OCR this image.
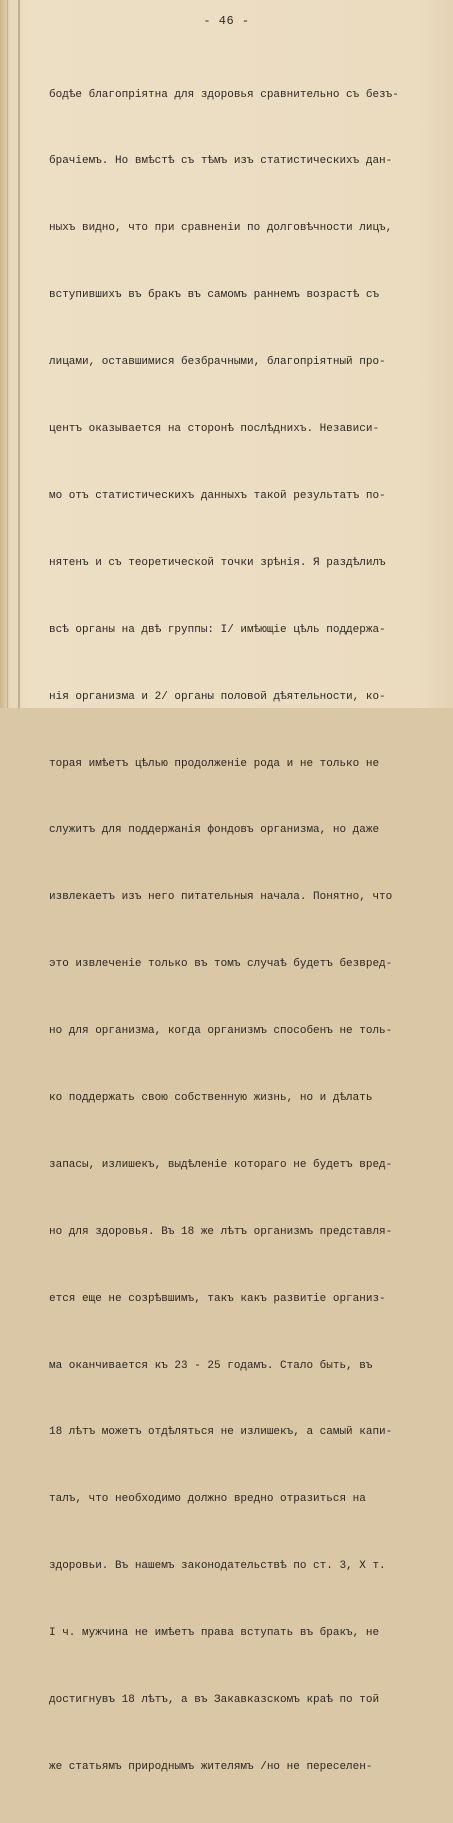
- 46 -

бодѣе благопріятна для здоровья сравнительно съ безъ-

брачіемъ. Но вмѣстѣ съ тѣмъ изъ статистическихъ дан-

ныхъ видно, что при сравненіи по долговѣчности лицъ,

вступившихъ въ бракъ въ самомъ раннемъ возрастѣ съ

лицами, оставшимися безбрачными, благопріятный про-

центъ оказывается на сторонѣ послѣднихъ. Независи-

мо отъ статистическихъ данныхъ такой результатъ по-

нятенъ и съ теоретической точки зрѣнія. Я раздѣлилъ

всѣ органы на двѣ группы: I/ имѣющіе цѣль поддержа-

нія организма и 2/ органы половой дѣятельности, ко-

торая имѣетъ цѣлью продолженіе рода и не только не

служитъ для поддержанія фондовъ организма, но даже

извлекаетъ изъ него питательныя начала. Понятно, что

это извлеченіе только въ томъ случаѣ будетъ безвред-

но для организма, когда организмъ способенъ не толь-

ко поддержать свою собственную жизнь, но и дѣлать

запасы, излишекъ, выдѣленіе котораго не будетъ вред-

но для здоровья. Въ 18 же лѣтъ организмъ представля-

ется еще не созрѣвшимъ, такъ какъ развитіе организ-

ма оканчивается къ 23 - 25 годамъ. Стало быть, въ

18 лѣтъ можетъ отдѣляться не излишекъ, а самый капи-

талъ, что необходимо должно вредно отразиться на

здоровьи. Въ нашемъ законодательствѣ по ст. 3, X т.

I ч. мужчина не имѣетъ права вступать въ бракъ, не

достигнувъ 18 лѣтъ, а въ Закавказскомъ краѣ по той

же статьямъ природнымъ жителямъ /но не переселен-
